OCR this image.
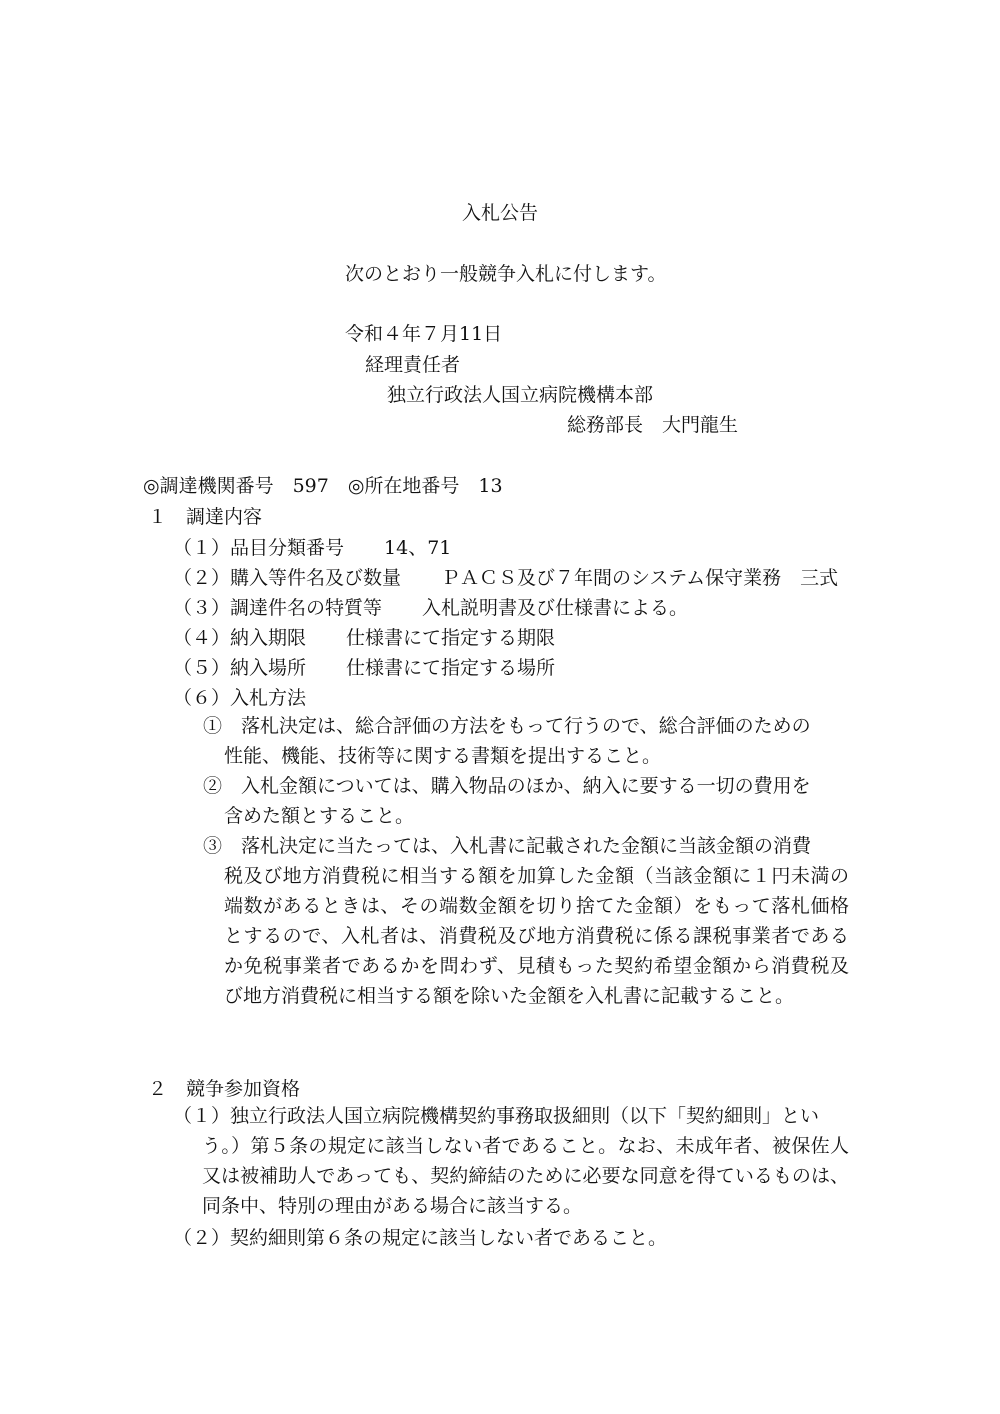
入札公告
次のとおり一般競争入札に付します。
令和４年７月11日
経理責任者
独立行政法人国立病院機構本部
総務部長　大門龍生
◎調達機関番号　597　◎所在地番号　13
１　調達内容
（１）品目分類番号 14、71
（２）購入等件名及び数量 ＰＡＣＳ及び７年間のシステム保守業務　三式
（３）調達件名の特質等 入札説明書及び仕様書による。
（４）納入期限 仕様書にて指定する期限
（５）納入場所 仕様書にて指定する場所
（６）入札方法
①　落札決定は、総合評価の方法をもって行うので、総合評価のための
性能、機能、技術等に関する書類を提出すること。
②　入札金額については、購入物品のほか、納入に要する一切の費用を
含めた額とすること。
③　落札決定に当たっては、入札書に記載された金額に当該金額の消費
税及び地方消費税に相当する額を加算した金額（当該金額に１円未満の端数があるときは、その端数金額を切り捨てた金額）をもって落札価格とするので、入札者は、消費税及び地方消費税に係る課税事業者であるか免税事業者であるかを問わず、見積もった契約希望金額から消費税及び地方消費税に相当する額を除いた金額を入札書に記載すること。
２　競争参加資格
（１）独立行政法人国立病院機構契約事務取扱細則（以下「契約細則」とい
う。）第５条の規定に該当しない者であること。なお、未成年者、被保佐人又は被補助人であっても、契約締結のために必要な同意を得ているものは、同条中、特別の理由がある場合に該当する。
（２）契約細則第６条の規定に該当しない者であること。
